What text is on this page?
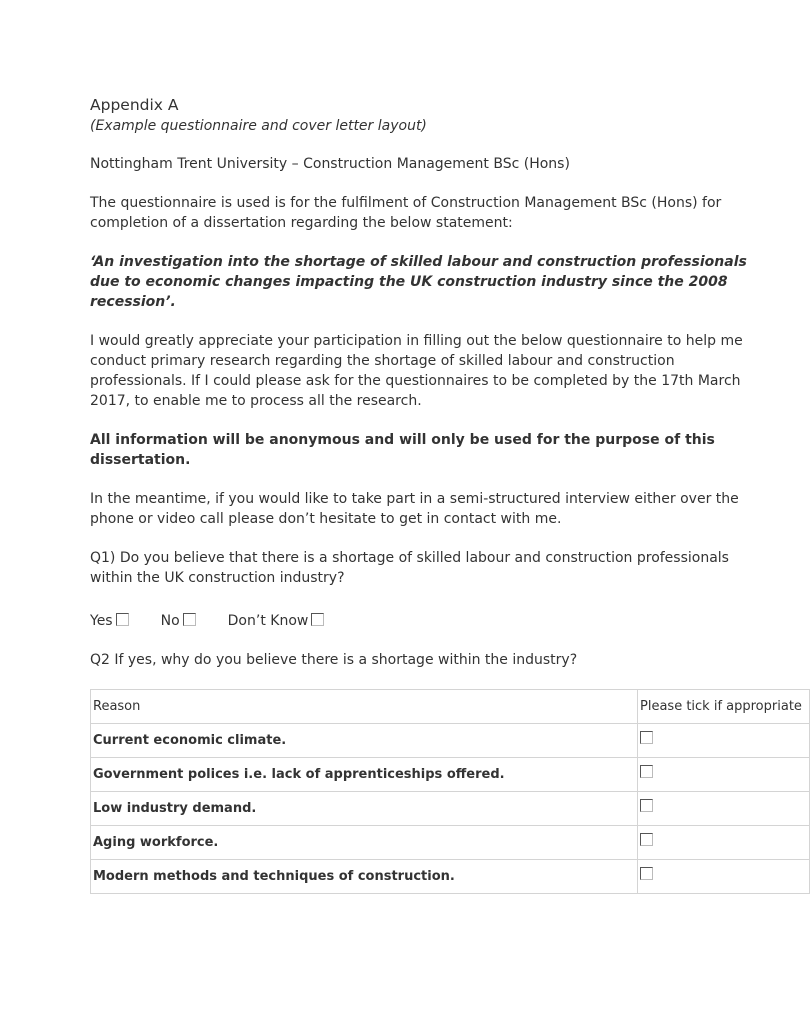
Appendix A
(Example questionnaire and cover letter layout)

Nottingham Trent University – Construction Management BSc (Hons)

The questionnaire is used is for the fulfilment of Construction Management BSc (Hons) for completion of a dissertation regarding the below statement:

‘An investigation into the shortage of skilled labour and construction professionals due to economic changes impacting the UK construction industry since the 2008 recession’.

I would greatly appreciate your participation in filling out the below questionnaire to help me conduct primary research regarding the shortage of skilled labour and construction professionals. If I could please ask for the questionnaires to be completed by the 17th March 2017, to enable me to process all the research.

All information will be anonymous and will only be used for the purpose of this dissertation.

In the meantime, if you would like to take part in a semi-structured interview either over the phone or video call please don’t hesitate to get in contact with me.

Q1) Do you believe that there is a shortage of skilled labour and construction professionals within the UK construction industry?

Yes	No	Don’t Know

Q2 If yes, why do you believe there is a shortage within the industry?

Reason	Please tick if appropriate
Current economic climate.	
Government polices i.e. lack of apprenticeships offered.	
Low industry demand.	
Aging workforce.	
Modern methods and techniques of construction.	
